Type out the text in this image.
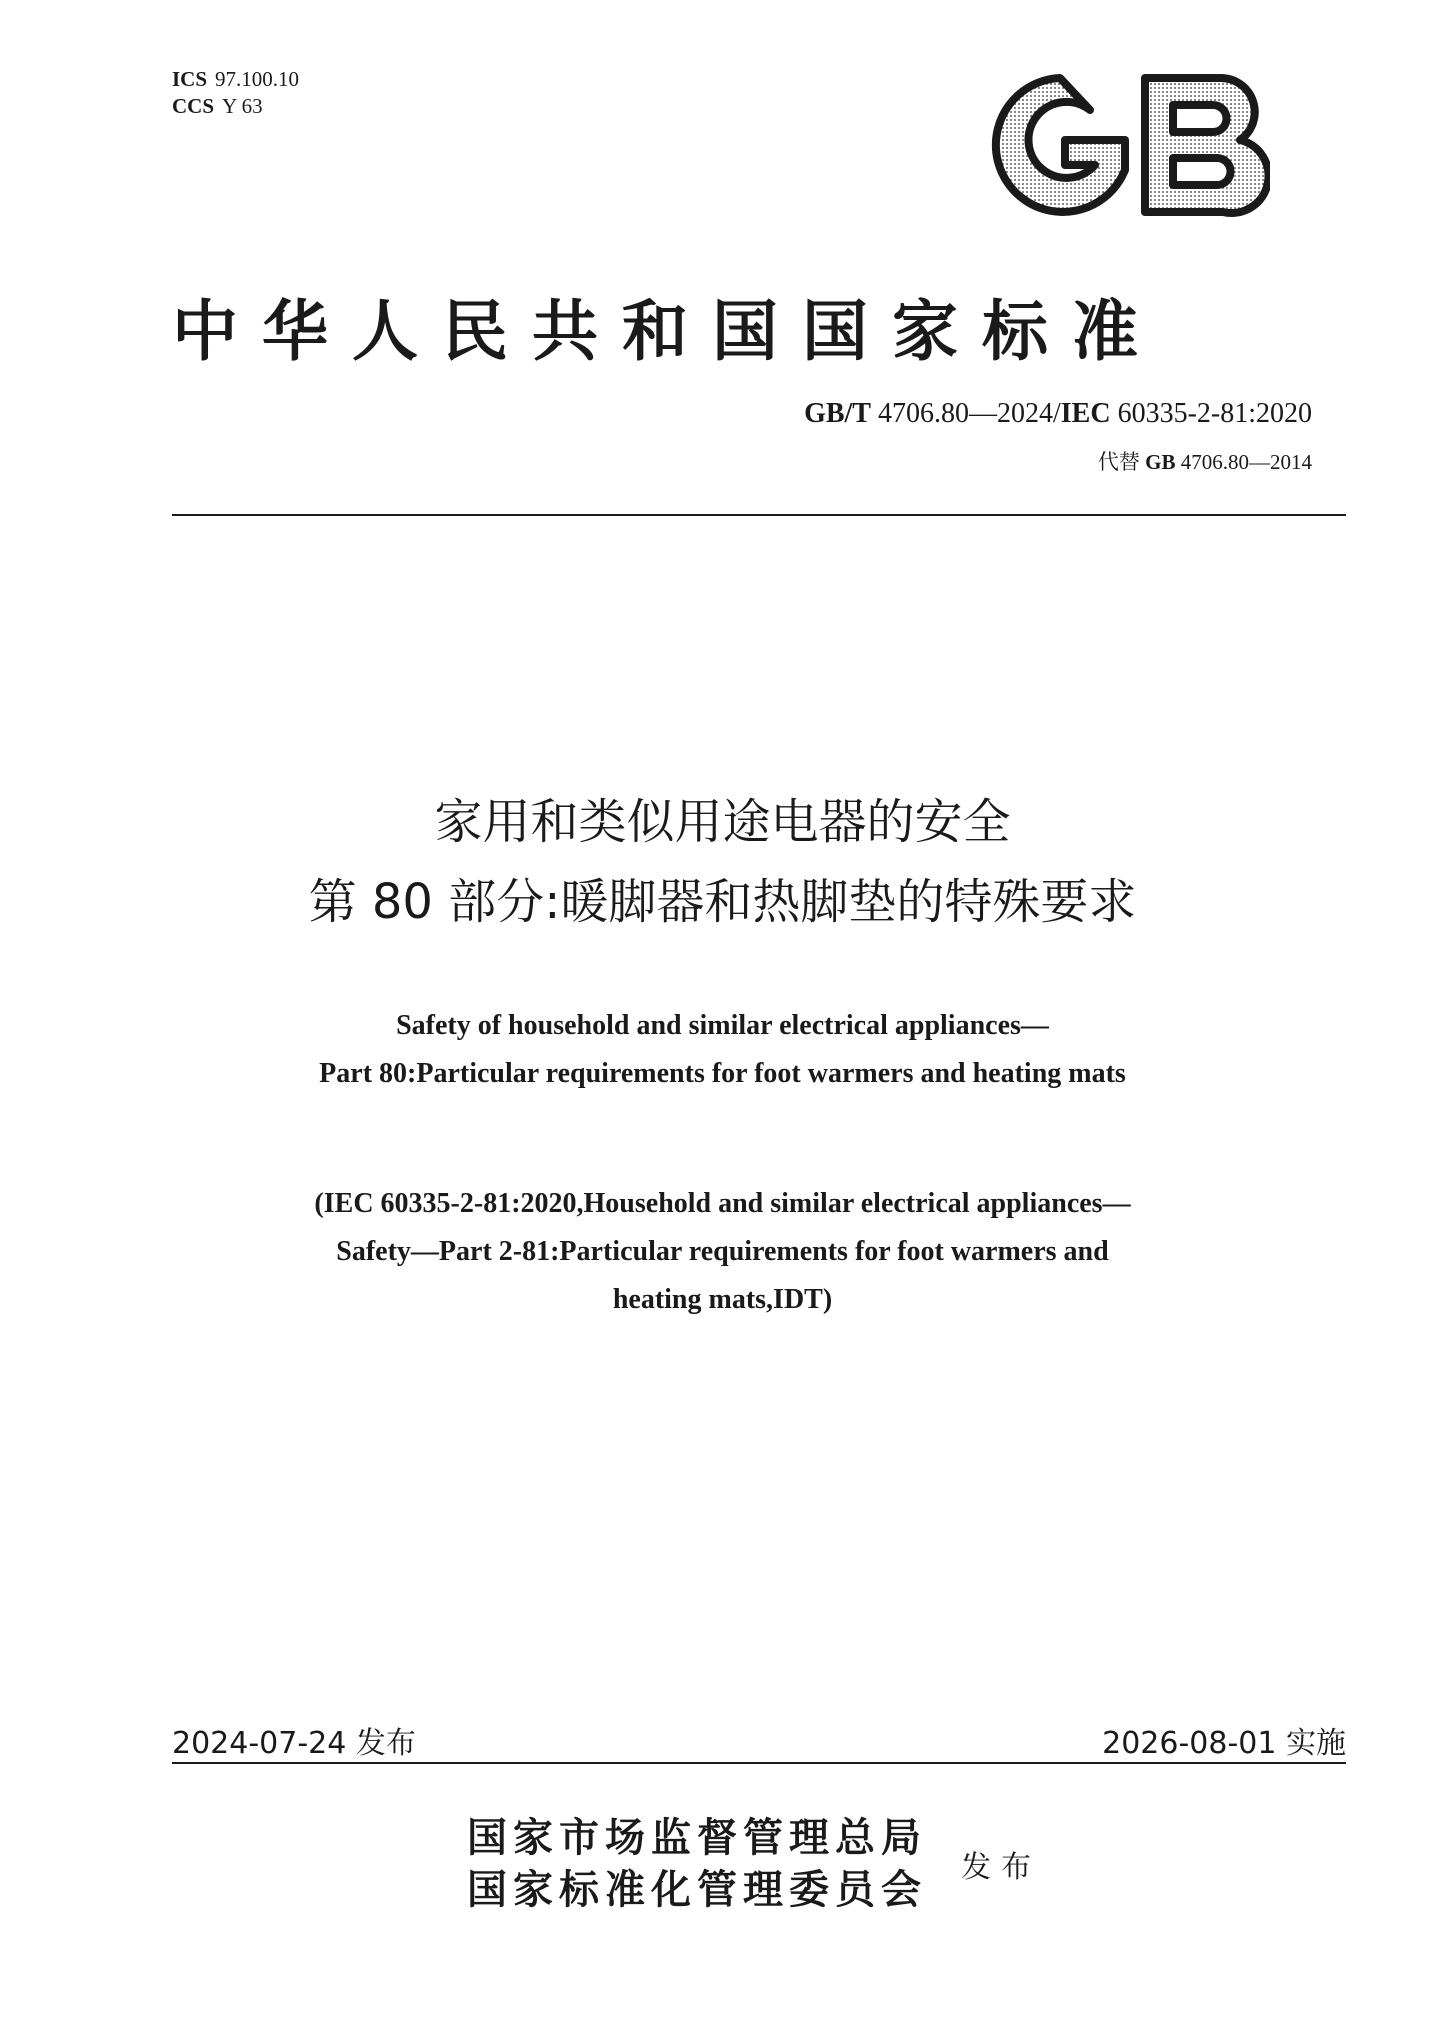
ICS 97.100.10
CCS Y 63
中华人民共和国国家标准
GB/T 4706.80—2024/IEC 60335-2-81:2020
代替 GB 4706.80—2014
家用和类似用途电器的安全
第 80 部分:暖脚器和热脚垫的特殊要求
Safety of household and similar electrical appliances—
Part 80:Particular requirements for foot warmers and heating mats
(IEC 60335-2-81:2020,Household and similar electrical appliances—
Safety—Part 2-81:Particular requirements for foot warmers and
heating mats,IDT)
2024-07-24 发布	2026-08-01 实施
国家市场监督管理总局
国家标准化管理委员会 发布
